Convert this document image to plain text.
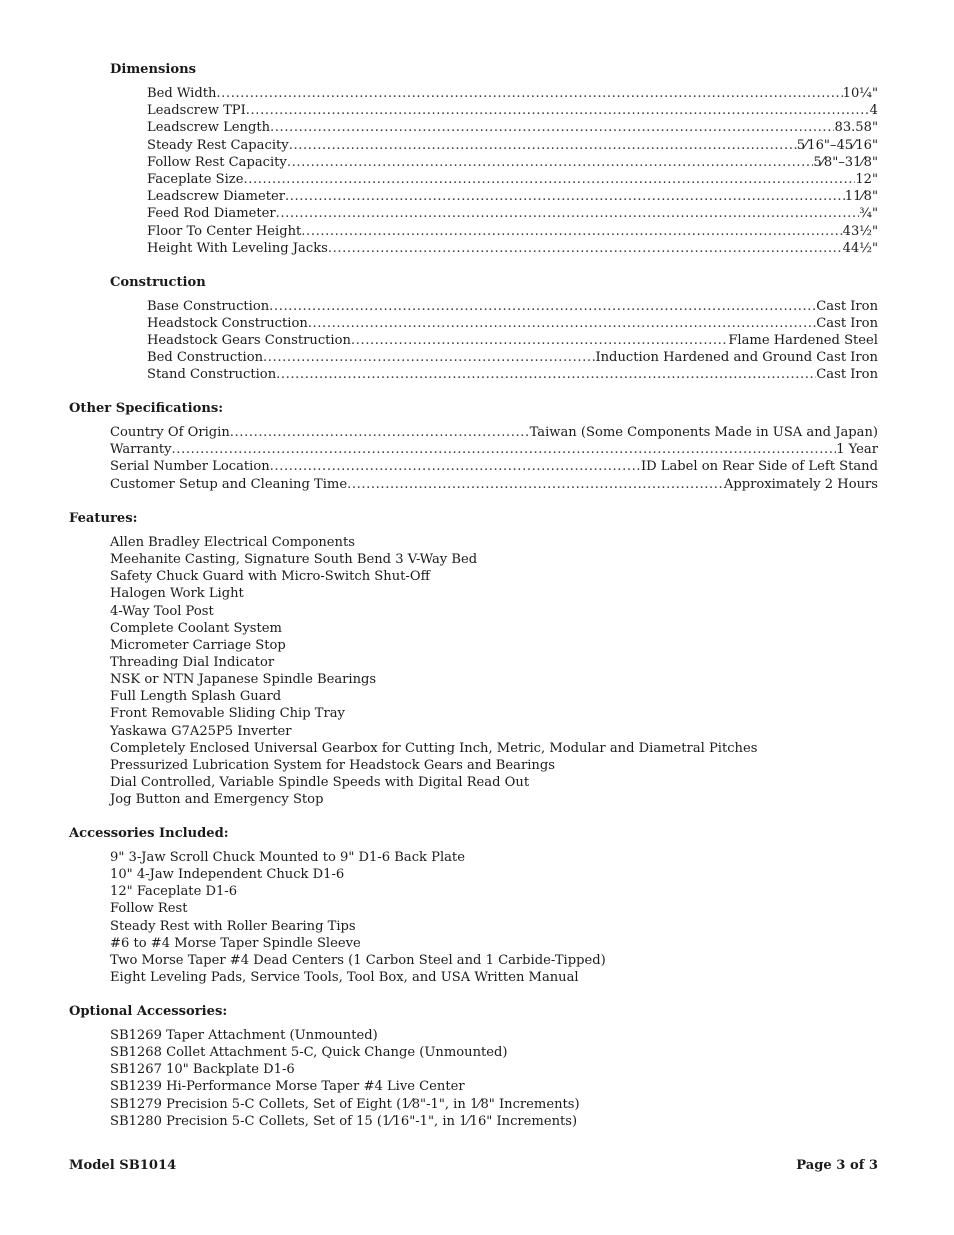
Dimensions
Bed Width .....	10¼"
Leadscrew TPI .....	4
Leadscrew Length .....	83.58"
Steady Rest Capacity .....	5⁄16"–45⁄16"
Follow Rest Capacity .....	5⁄8"–31⁄8"
Faceplate Size .....	12"
Leadscrew Diameter .....	11⁄8"
Feed Rod Diameter .....	¾"
Floor To Center Height .....	43½"
Height With Leveling Jacks .....	44½"
Construction
Base Construction .....	Cast Iron
Headstock Construction .....	Cast Iron
Headstock Gears Construction .....	Flame Hardened Steel
Bed Construction .....	Induction Hardened and Ground Cast Iron
Stand Construction .....	Cast Iron
Other Specifications:
Country Of Origin .....	Taiwan (Some Components Made in USA and Japan)
Warranty .....	1 Year
Serial Number Location .....	ID Label on Rear Side of Left Stand
Customer Setup and Cleaning Time .....	Approximately 2 Hours
Features:
Allen Bradley Electrical Components
Meehanite Casting, Signature South Bend 3 V-Way Bed
Safety Chuck Guard with Micro-Switch Shut-Off
Halogen Work Light
4-Way Tool Post
Complete Coolant System
Micrometer Carriage Stop
Threading Dial Indicator
NSK or NTN Japanese Spindle Bearings
Full Length Splash Guard
Front Removable Sliding Chip Tray
Yaskawa G7A25P5 Inverter
Completely Enclosed Universal Gearbox for Cutting Inch, Metric, Modular and Diametral Pitches
Pressurized Lubrication System for Headstock Gears and Bearings
Dial Controlled, Variable Spindle Speeds with Digital Read Out
Jog Button and Emergency Stop
Accessories Included:
9" 3-Jaw Scroll Chuck Mounted to 9" D1-6 Back Plate
10" 4-Jaw Independent Chuck D1-6
12" Faceplate D1-6
Follow Rest
Steady Rest with Roller Bearing Tips
#6 to #4 Morse Taper Spindle Sleeve
Two Morse Taper #4 Dead Centers (1 Carbon Steel and 1 Carbide-Tipped)
Eight Leveling Pads, Service Tools, Tool Box, and USA Written Manual
Optional Accessories:
SB1269 Taper Attachment (Unmounted)
SB1268 Collet Attachment 5-C, Quick Change (Unmounted)
SB1267 10" Backplate D1-6
SB1239 Hi-Performance Morse Taper #4 Live Center
SB1279 Precision 5-C Collets, Set of Eight (1⁄8"-1", in 1⁄8" Increments)
SB1280 Precision 5-C Collets, Set of 15 (1⁄16"-1", in 1⁄16" Increments)
Model SB1014	Page 3 of 3
